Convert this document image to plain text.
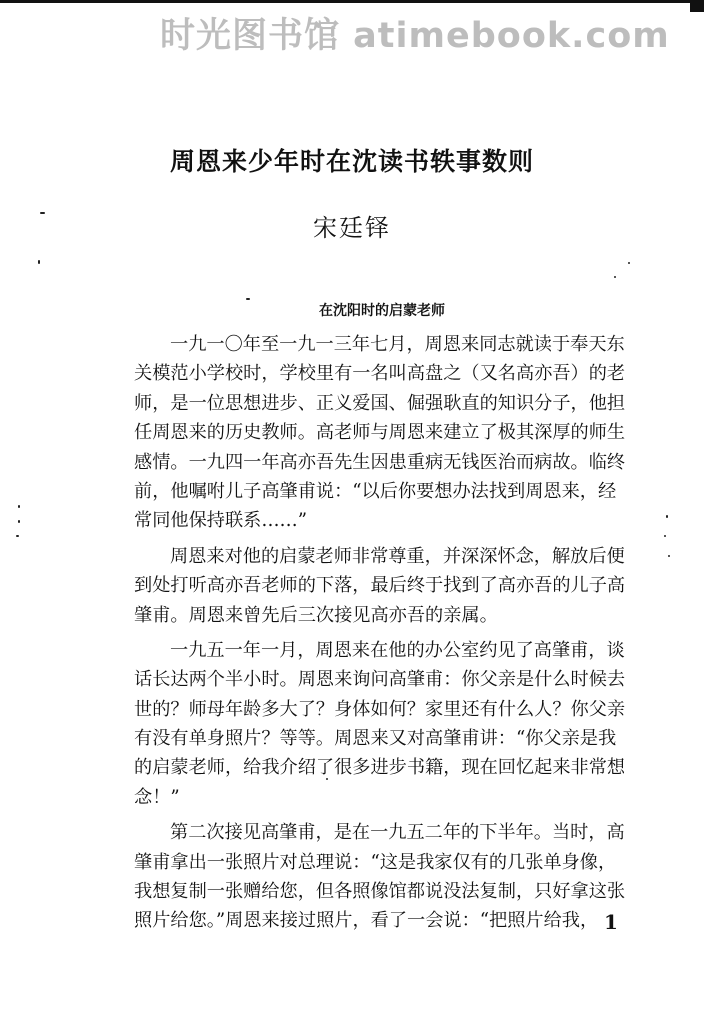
时光图书馆 atimebook.com
周恩来少年时在沈读书轶事数则
宋廷铎
在沈阳时的启蒙老师
一九一〇年至一九一三年七月，周恩来同志就读于奉天东
关模范小学校时，学校里有一名叫高盘之（又名高亦吾）的老
师，是一位思想进步、正义爱国、倔强耿直的知识分子，他担
任周恩来的历史教师。高老师与周恩来建立了极其深厚的师生
感情。一九四一年高亦吾先生因患重病无钱医治而病故。临终
前，他嘱咐儿子高肇甫说：“以后你要想办法找到周恩来，经
常同他保持联系……”
周恩来对他的启蒙老师非常尊重，并深深怀念，解放后便
到处打听高亦吾老师的下落，最后终于找到了高亦吾的儿子高
肇甫。周恩来曾先后三次接见高亦吾的亲属。
一九五一年一月，周恩来在他的办公室约见了高肇甫，谈
话长达两个半小时。周恩来询问高肇甫：你父亲是什么时候去
世的？师母年龄多大了？身体如何？家里还有什么人？你父亲
有没有单身照片？等等。周恩来又对高肇甫讲：“你父亲是我
的启蒙老师，给我介绍了很多进步书籍，现在回忆起来非常想
念！”
第二次接见高肇甫，是在一九五二年的下半年。当时，高
肇甫拿出一张照片对总理说：“这是我家仅有的几张单身像，
我想复制一张赠给您，但各照像馆都说没法复制，只好拿这张
照片给您。”周恩来接过照片，看了一会说：“把照片给我， 1
